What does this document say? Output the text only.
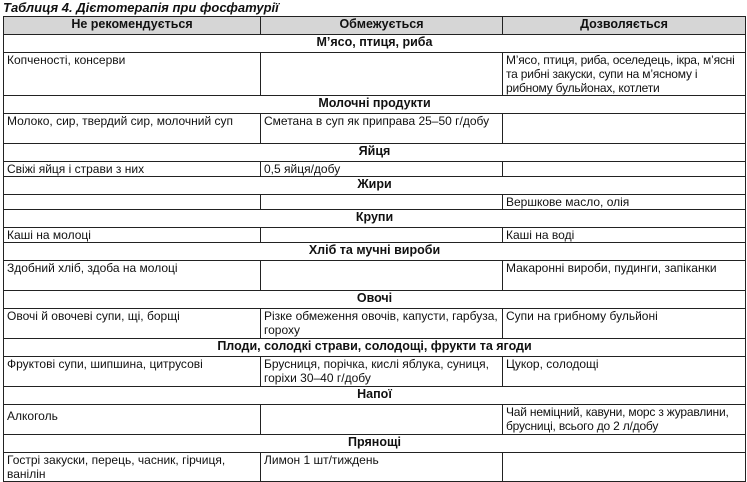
Таблиця 4. Дієтотерапія при фосфатурії
Не рекомендується	Обмежується	Дозволяється
М’ясо, птиця, риба		
Копченості, консерви		М’ясо, птиця, риба, оселедець, ікра, м’ясні та рибні закуски, супи на м’ясному і рибному бульйонах, котлети
Молочні продукти		
Молоко, сир, твердий сир, молочний суп	Сметана в суп як приправа 25–50 г/добу	
Яйця		
Свіжі яйця і страви з них	0,5 яйця/добу	
Жири		
		Вершкове масло, олія
Крупи		
Каші на молоці		Каші на воді
Хліб та мучні вироби		
Здобний хліб, здоба на молоці		Макаронні вироби, пудинги, запіканки
Овочі		
Овочі й овочеві супи, щі, борщі	Різке обмеження овочів, капусти, гарбуза, гороху	Супи на грибному бульйоні
Плоди, солодкі страви, солодощі, фрукти та ягоди		
Фруктові супи, шипшина, цитрусові	Брусниця, порічка, кислі яблука, суниця, горіхи 30–40 г/добу	Цукор, солодощі
Напої		
Алкоголь		Чай неміцний, кавуни, морс з журавлини, брусниці, всього до 2 л/добу
Прянощі		
Гострі закуски, перець, часник, гірчиця, ванілін	Лимон 1 шт/тиждень	
